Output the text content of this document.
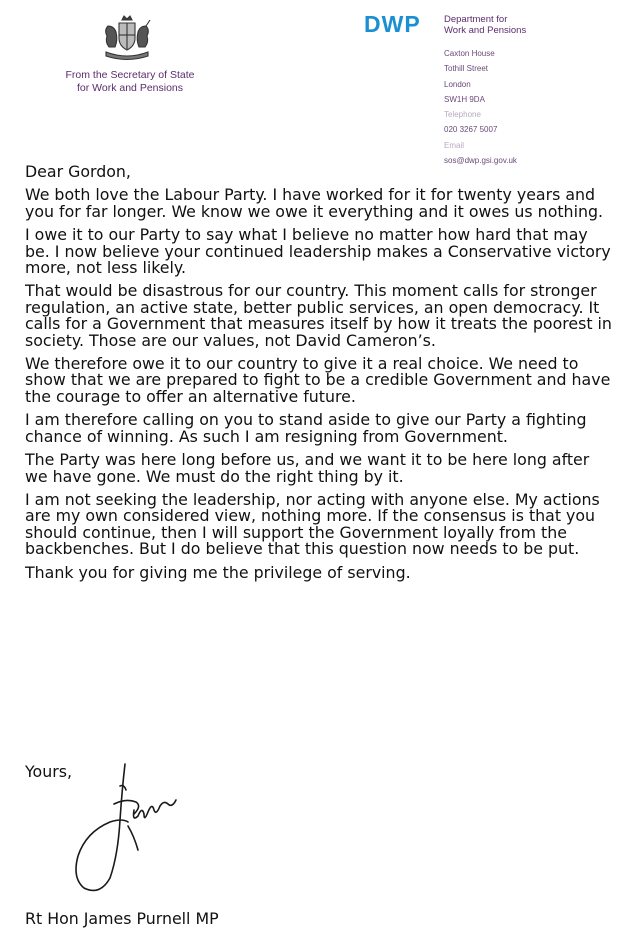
From the Secretary of State
for Work and Pensions
DWP Department for
Work and Pensions
Caxton House
Tothill Street
London
SW1H 9DA
Telephone
020 3267 5007
Email
sos@dwp.gsi.gov.uk

Dear Gordon,

We both love the Labour Party. I have worked for it for twenty years and you for far longer. We know we owe it everything and it owes us nothing.

I owe it to our Party to say what I believe no matter how hard that may be. I now believe your continued leadership makes a Conservative victory more, not less likely.

That would be disastrous for our country. This moment calls for stronger regulation, an active state, better public services, an open democracy. It calls for a Government that measures itself by how it treats the poorest in society. Those are our values, not David Cameron’s.

We therefore owe it to our country to give it a real choice. We need to show that we are prepared to fight to be a credible Government and have the courage to offer an alternative future.

I am therefore calling on you to stand aside to give our Party a fighting chance of winning. As such I am resigning from Government.

The Party was here long before us, and we want it to be here long after we have gone. We must do the right thing by it.

I am not seeking the leadership, nor acting with anyone else. My actions are my own considered view, nothing more. If the consensus is that you should continue, then I will support the Government loyally from the backbenches. But I do believe that this question now needs to be put.

Thank you for giving me the privilege of serving.

Yours,
Rt Hon James Purnell MP
